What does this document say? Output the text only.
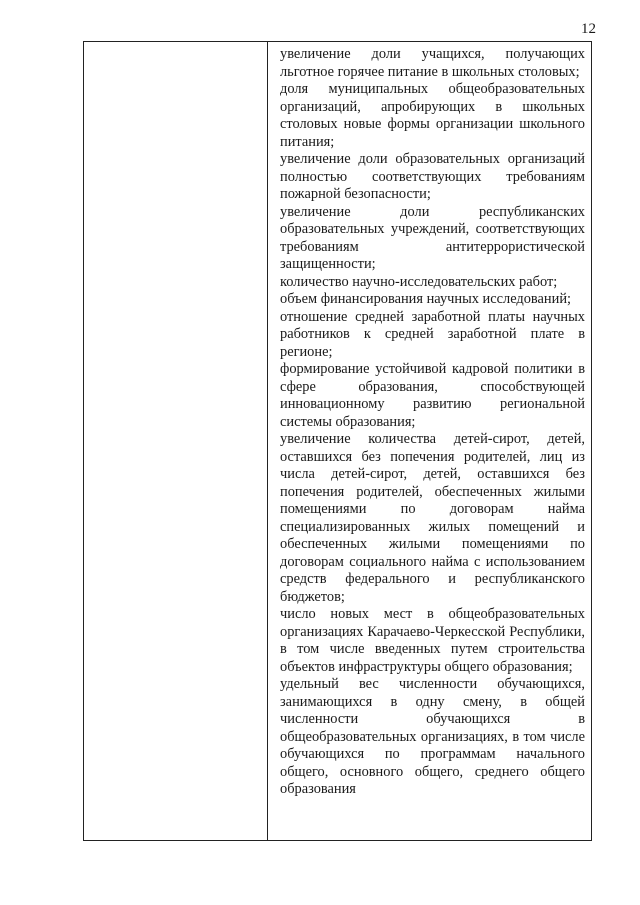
12

увеличение доли учащихся, получающих льготное горячее питание в школьных столовых;

доля муниципальных общеобразовательных организаций, апробирующих в школьных столовых новые формы организации школьного питания;

увеличение доли образовательных организаций полностью соответствующих требованиям пожарной безопасности;

увеличение доли республиканских образовательных учреждений, соответствующих требованиям антитеррористической защищенности;

количество научно-исследовательских работ;

объем финансирования научных исследований;

отношение средней заработной платы научных работников к средней заработной плате в регионе;

формирование устойчивой кадровой политики в сфере образования, способствующей инновационному развитию региональной системы образования;

увеличение количества детей-сирот, детей, оставшихся без попечения родителей, лиц из числа детей-сирот, детей, оставшихся без попечения родителей, обеспеченных жилыми помещениями по договорам найма специализированных жилых помещений и обеспеченных жилыми помещениями по договорам социального найма с использованием средств федерального и республиканского бюджетов;

число новых мест в общеобразовательных организациях Карачаево-Черкесской Республики, в том числе введенных путем строительства объектов инфраструктуры общего образования;

удельный вес численности обучающихся, занимающихся в одну смену, в общей численности обучающихся в общеобразовательных организациях, в том числе обучающихся по программам начального общего, основного общего, среднего общего образования
